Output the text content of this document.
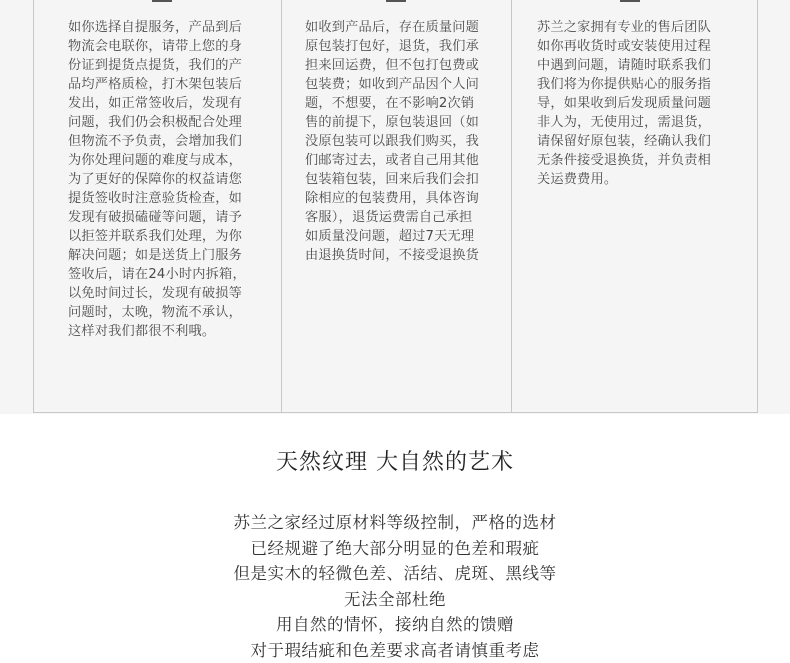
如你选择自提服务，产品到后
物流会电联你，请带上您的身
份证到提货点提货，我们的产
品均严格质检，打木架包装后
发出，如正常签收后，发现有
问题，我们仍会积极配合处理
但物流不予负责，会增加我们
为你处理问题的难度与成本，
为了更好的保障你的权益请您
提货签收时注意验货检查，如
发现有破损磕碰等问题，请予
以拒签并联系我们处理，为你
解决问题；如是送货上门服务
签收后，请在24小时内拆箱，
以免时间过长，发现有破损等
问题时，太晚，物流不承认，
这样对我们都很不利哦。
如收到产品后，存在质量问题
原包装打包好，退货，我们承
担来回运费，但不包打包费或
包装费；如收到产品因个人问
题，不想要，在不影响2次销
售的前提下，原包装退回（如
没原包装可以跟我们购买，我
们邮寄过去，或者自己用其他
包装箱包装，回来后我们会扣
除相应的包装费用，具体咨询
客服），退货运费需自己承担
如质量没问题，超过7天无理
由退换货时间，不接受退换货
苏兰之家拥有专业的售后团队
如你再收货时或安装使用过程
中遇到问题，请随时联系我们
我们将为你提供贴心的服务指
导，如果收到后发现质量问题
非人为，无使用过，需退货，
请保留好原包装，经确认我们
无条件接受退换货，并负责相
关运费费用。
天然纹理 大自然的艺术
苏兰之家经过原材料等级控制，严格的选材
已经规避了绝大部分明显的色差和瑕疵
但是实木的轻微色差、活结、虎斑、黑线等
无法全部杜绝
用自然的情怀，接纳自然的馈赠
对于瑕结疵和色差要求高者请慎重考虑
